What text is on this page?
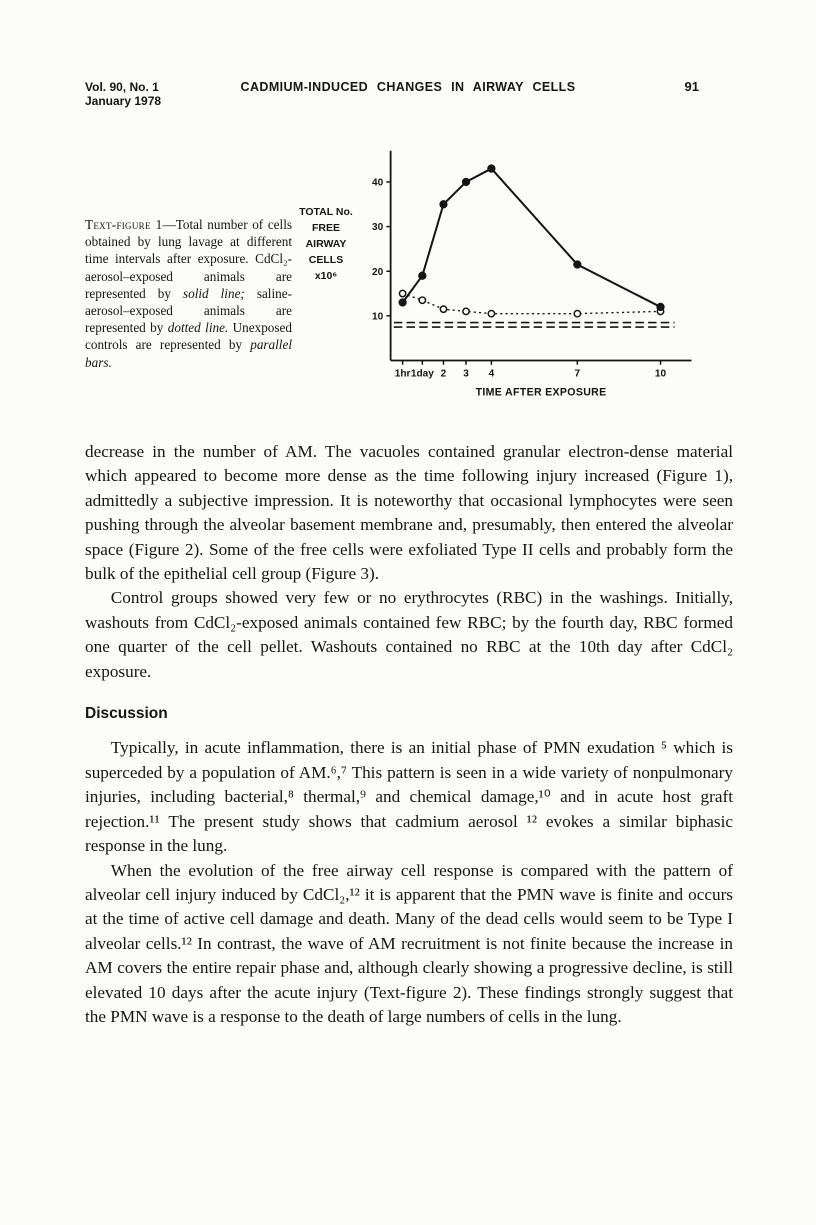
Vol. 90, No. 1
January 1978
CADMIUM-INDUCED CHANGES IN AIRWAY CELLS	91
Text-figure 1—Total number of cells obtained by lung lavage at different time intervals after exposure. CdCl₂-aerosol–exposed animals are represented by solid line; saline-aerosol–exposed animals are represented by dotted line. Unexposed controls are represented by parallel bars.
TOTAL No.
FREE AIRWAY
CELLS
x10⁶
10
20
30
40
1hr 1day 2 3 4	7	10
TIME AFTER EXPOSURE

decrease in the number of AM. The vacuoles contained granular electron-dense material which appeared to become more dense as the time following injury increased (Figure 1), admittedly a subjective impression. It is noteworthy that occasional lymphocytes were seen pushing through the alveolar basement membrane and, presumably, then entered the alveolar space (Figure 2). Some of the free cells were exfoliated Type II cells and probably form the bulk of the epithelial cell group (Figure 3).

Control groups showed very few or no erythrocytes (RBC) in the washings. Initially, washouts from CdCl₂-exposed animals contained few RBC; by the fourth day, RBC formed one quarter of the cell pellet. Washouts contained no RBC at the 10th day after CdCl₂ exposure.

Discussion

Typically, in acute inflammation, there is an initial phase of PMN exudation ⁵ which is superceded by a population of AM.⁶,⁷ This pattern is seen in a wide variety of nonpulmonary injuries, including bacterial,⁸ thermal,⁹ and chemical damage,¹⁰ and in acute host graft rejection.¹¹ The present study shows that cadmium aerosol ¹² evokes a similar biphasic response in the lung.

When the evolution of the free airway cell response is compared with the pattern of alveolar cell injury induced by CdCl₂,¹² it is apparent that the PMN wave is finite and occurs at the time of active cell damage and death. Many of the dead cells would seem to be Type I alveolar cells.¹² In contrast, the wave of AM recruitment is not finite because the increase in AM covers the entire repair phase and, although clearly showing a progressive decline, is still elevated 10 days after the acute injury (Text-figure 2). These findings strongly suggest that the PMN wave is a response to the death of large numbers of cells in the lung.
